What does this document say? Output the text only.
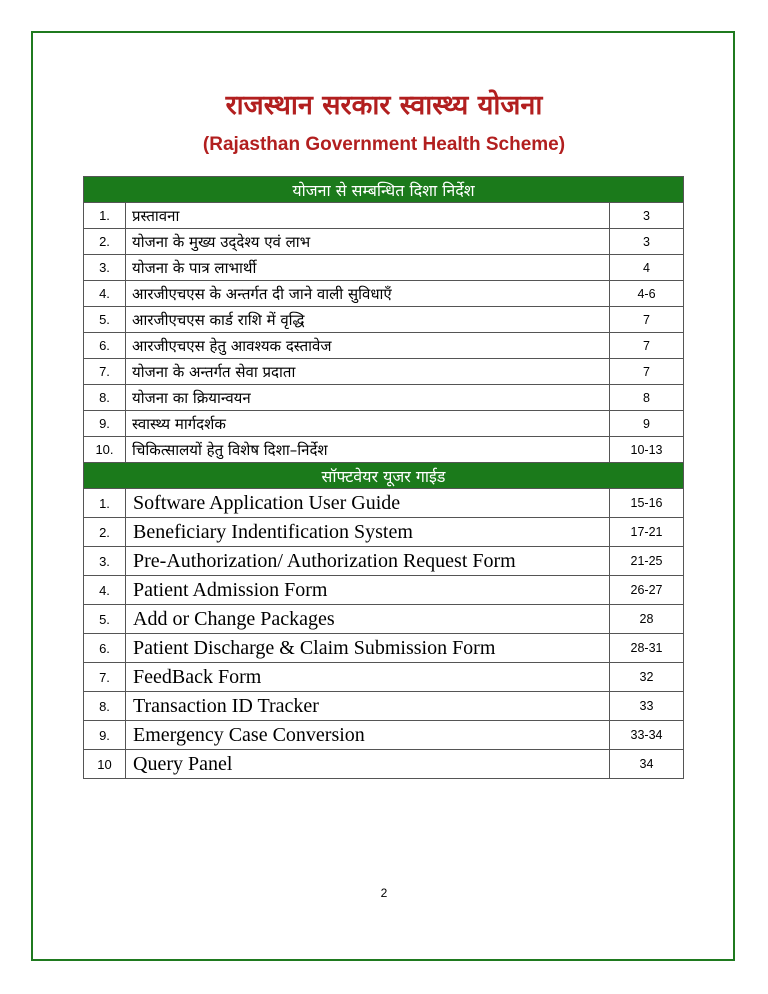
राजस्थान सरकार स्वास्थ्य योजना
(Rajasthan Government Health Scheme)
योजना से सम्बन्धित दिशा निर्देश		
1.	प्रस्तावना	3
2.	योजना के मुख्य उद्‌देश्य एवं लाभ	3
3.	योजना के पात्र लाभार्थी	4
4.	आरजीएचएस के अन्तर्गत दी जाने वाली सुविधाएँ	4-6
5.	आरजीएचएस कार्ड राशि में वृद्धि	7
6.	आरजीएचएस हेतु आवश्यक दस्तावेज	7
7.	योजना के अन्तर्गत सेवा प्रदाता	7
8.	योजना का क्रियान्वयन	8
9.	स्वास्थ्य मार्गदर्शक	9
10.	चिकित्सालयों हेतु विशेष दिशा–निर्देश	10-13
सॉफ्टवेयर यूजर गाईड		
1.	Software Application User Guide	15-16
2.	Beneficiary Indentification System	17-21
3.	Pre-Authorization/ Authorization Request Form	21-25
4.	Patient Admission Form	26-27
5.	Add or Change Packages	28
6.	Patient Discharge & Claim Submission Form	28-31
7.	FeedBack Form	32
8.	Transaction ID Tracker	33
9.	Emergency Case Conversion	33-34
10	Query Panel	34
2
